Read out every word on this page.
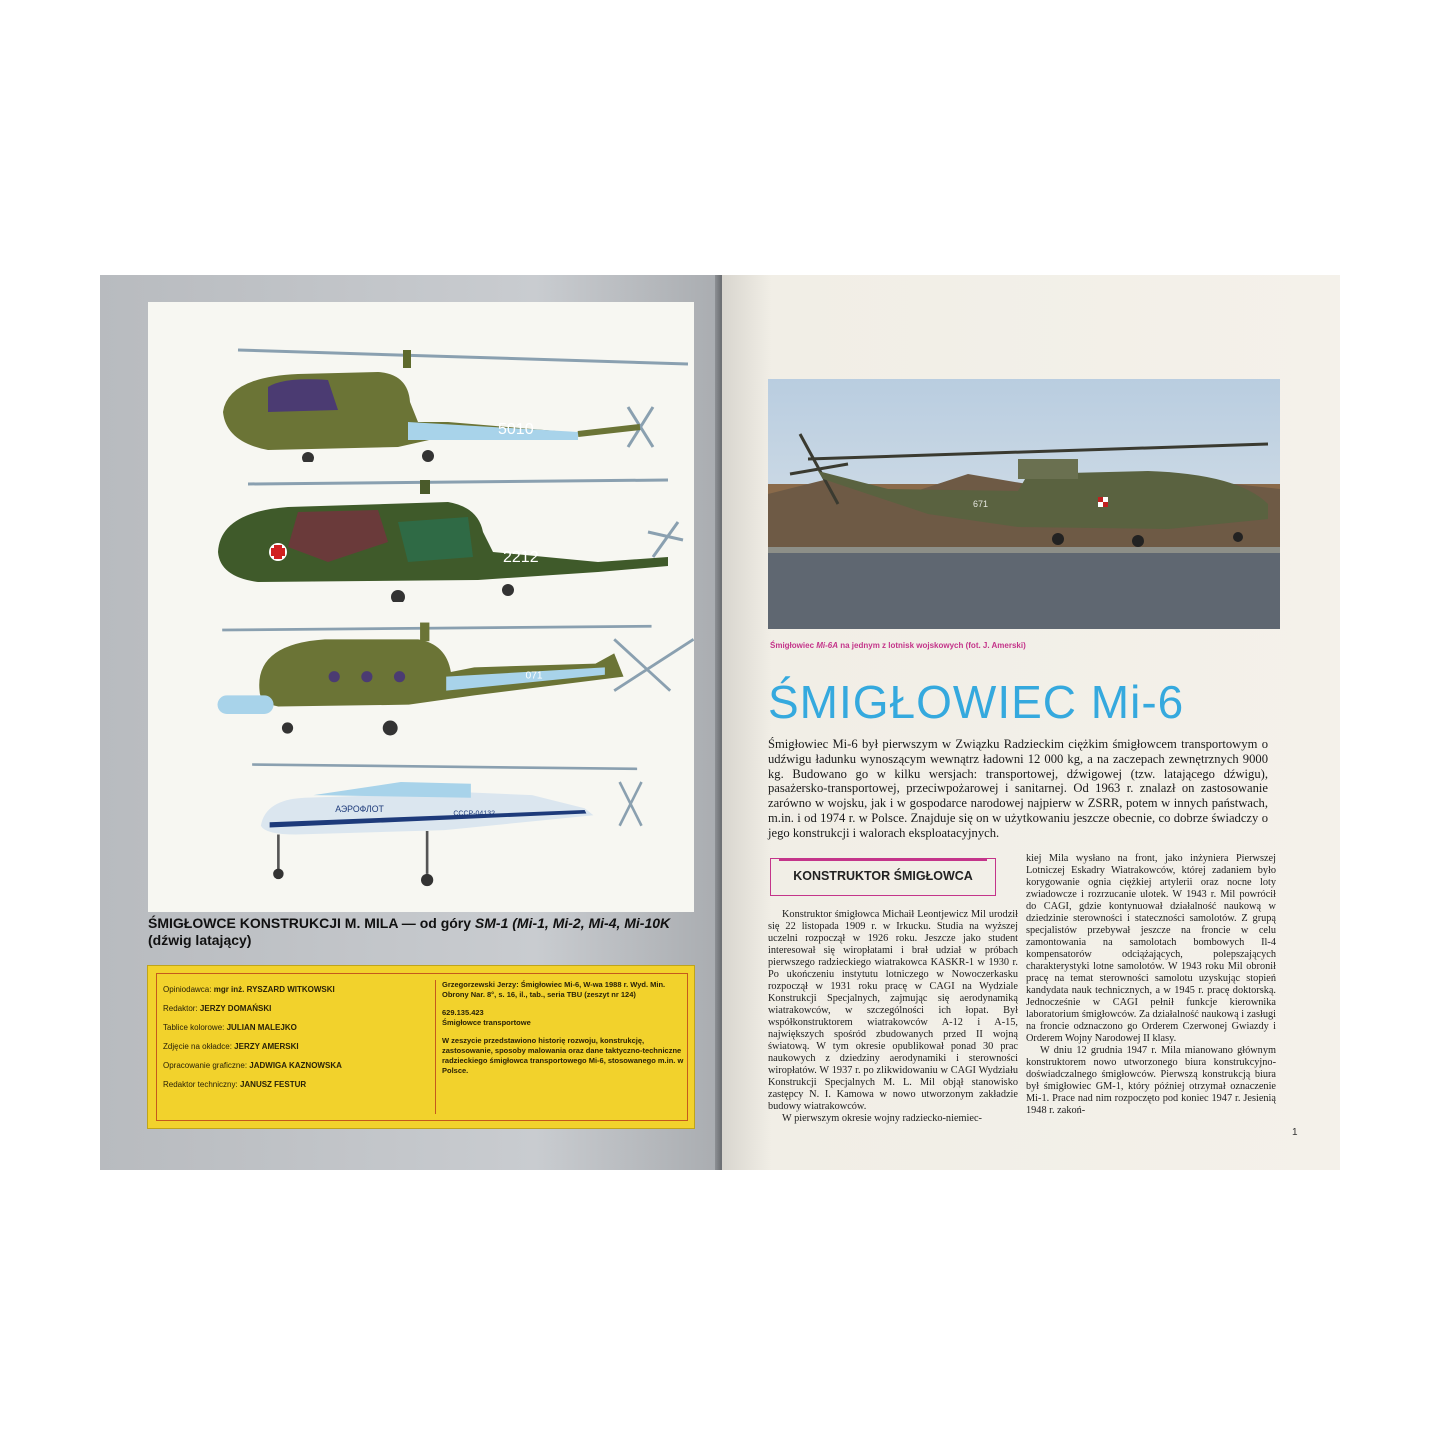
5010
2212
071
АЭРОФЛОТ	СССР-04132
ŚMIGŁOWCE KONSTRUKCJI M. MILA — od góry SM-1 (Mi-1, Mi-2, Mi-4, Mi-10K
(dźwig latający)
Opiniodawca: mgr inż. RYSZARD WITKOWSKI
Redaktor: JERZY DOMAŃSKI
Tablice kolorowe: JULIAN MALEJKO
Zdjęcie na okładce: JERZY AMERSKI
Opracowanie graficzne: JADWIGA KAZNOWSKA
Redaktor techniczny: JANUSZ FESTUR
Grzegorzewski Jerzy: Śmigłowiec Mi-6, W-wa 1988 r. Wyd. Min. Obrony Nar. 8°, s. 16, il., tab., seria TBU (zeszyt nr 124)
629.135.423
Śmigłowce transportowe
W zeszycie przedstawiono historię rozwoju, konstrukcję, zastosowanie, sposoby malowania oraz dane taktyczno-techniczne radzieckiego śmigłowca transportowego Mi-6, stosowanego m.in. w Polsce.
671
Śmigłowiec Mi-6A na jednym z lotnisk wojskowych (fot. J. Amerski)
ŚMIGŁOWIEC Mi-6
Śmigłowiec Mi-6 był pierwszym w Związku Radzieckim ciężkim śmigłowcem transportowym o udźwigu ładunku wynoszącym wewnątrz ładowni 12 000 kg, a na zaczepach zewnętrznych 9000 kg. Budowano go w kilku wersjach: transportowej, dźwigowej (tzw. latającego dźwigu), pasażersko-transportowej, przeciwpożarowej i sanitarnej. Od 1963 r. znalazł on zastosowanie zarówno w wojsku, jak i w gospodarce narodowej najpierw w ZSRR, potem w innych państwach, m.in. i od 1974 r. w Polsce. Znajduje się on w użytkowaniu jeszcze obecnie, co dobrze świadczy o jego konstrukcji i walorach eksploatacyjnych.
KONSTRUKTOR ŚMIGŁOWCA

Konstruktor śmigłowca Michaił Leontjewicz Mil urodził się 22 listopada 1909 r. w Irkucku. Studia na wyższej uczelni rozpoczął w 1926 roku. Jeszcze jako student interesował się wiropłatami i brał udział w próbach pierwszego radzieckiego wiatrakowca KASKR-1 w 1930 r. Po ukończeniu instytutu lotniczego w Nowoczerkasku rozpoczął w 1931 roku pracę w CAGI na Wydziale Konstrukcji Specjalnych, zajmując się aerodynamiką wiatrakowców, w szczególności ich łopat. Był współkonstruktorem wiatrakowców A-12 i A-15, największych spośród zbudowanych przed II wojną światową. W tym okresie opublikował ponad 30 prac naukowych z dziedziny aerodynamiki i sterowności wiropłatów. W 1937 r. po zlikwidowaniu w CAGI Wydziału Konstrukcji Specjalnych M. L. Mil objął stanowisko zastępcy N. I. Kamowa w nowo utworzonym zakładzie budowy wiatrakowców.

W pierwszym okresie wojny radziecko-niemiec-

kiej Mila wysłano na front, jako inżyniera Pierwszej Lotniczej Eskadry Wiatrakowców, której zadaniem było korygowanie ognia ciężkiej artylerii oraz nocne loty zwiadowcze i rozrzucanie ulotek. W 1943 r. Mil powrócił do CAGI, gdzie kontynuował działalność naukową w dziedzinie sterowności i stateczności samolotów. Z grupą specjalistów przebywał jeszcze na froncie w celu zamontowania na samolotach bombowych Il-4 kompensatorów odciążających, polepszających charakterystyki lotne samolotów. W 1943 roku Mil obronił pracę na temat sterowności samolotu uzyskując stopień kandydata nauk technicznych, a w 1945 r. pracę doktorską. Jednocześnie w CAGI pełnił funkcje kierownika laboratorium śmigłowców. Za działalność naukową i zasługi na froncie odznaczono go Orderem Czerwonej Gwiazdy i Orderem Wojny Narodowej II klasy.

W dniu 12 grudnia 1947 r. Mila mianowano głównym konstruktorem nowo utworzonego biura konstrukcyjno-doświadczalnego śmigłowców. Pierwszą konstrukcją biura był śmigłowiec GM-1, który później otrzymał oznaczenie Mi-1. Prace nad nim rozpoczęto pod koniec 1947 r. Jesienią 1948 r. zakoń-

1
